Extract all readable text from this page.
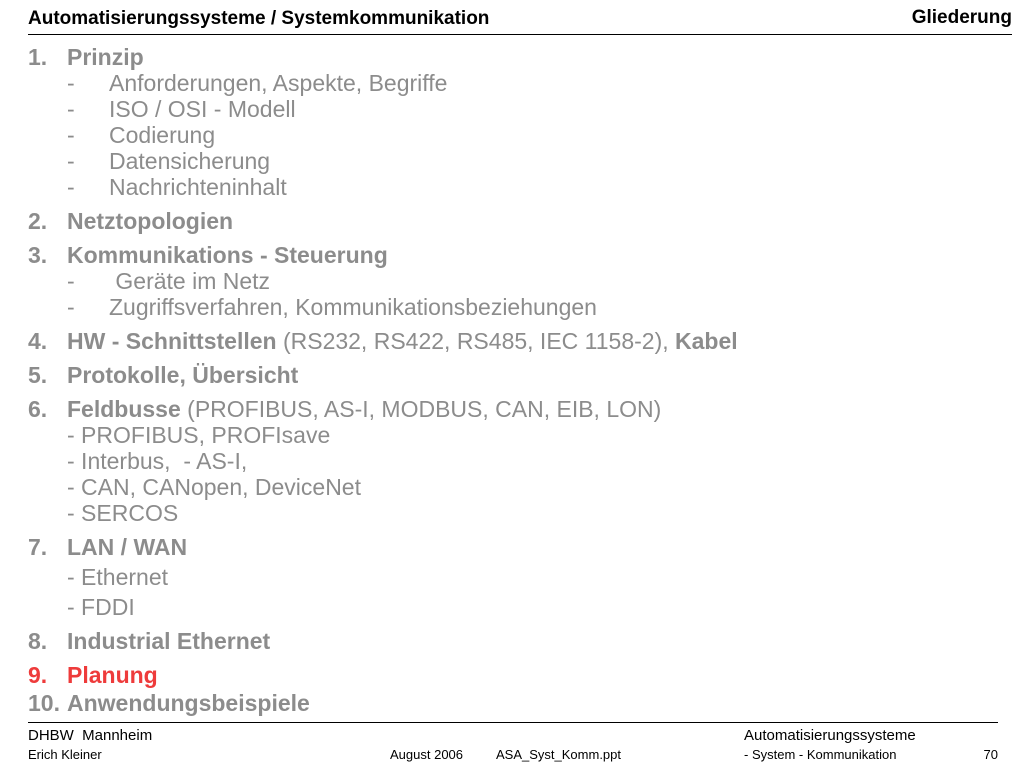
Automatisierungssysteme / Systemkommunikation	Gliederung
1. Prinzip
- Anforderungen, Aspekte, Begriffe
- ISO / OSI - Modell
- Codierung
- Datensicherung
- Nachrichteninhalt
2. Netztopologien
3. Kommunikations - Steuerung
- Geräte im Netz
- Zugriffsverfahren, Kommunikationsbeziehungen
4. HW - Schnittstellen (RS232, RS422, RS485, IEC 1158-2), Kabel
5. Protokolle, Übersicht
6. Feldbusse (PROFIBUS, AS-I, MODBUS, CAN, EIB, LON)
- PROFIBUS, PROFIsave
- Interbus,  - AS-I,
- CAN, CANopen, DeviceNet
- SERCOS
7. LAN / WAN
- Ethernet
- FDDI
8. Industrial Ethernet
9. Planung
10. Anwendungsbeispiele
DHBW  Mannheim
Erich Kleiner	August 2006	ASA_Syst_Komm.ppt
Automatisierungssysteme
- System - Kommunikation	70
